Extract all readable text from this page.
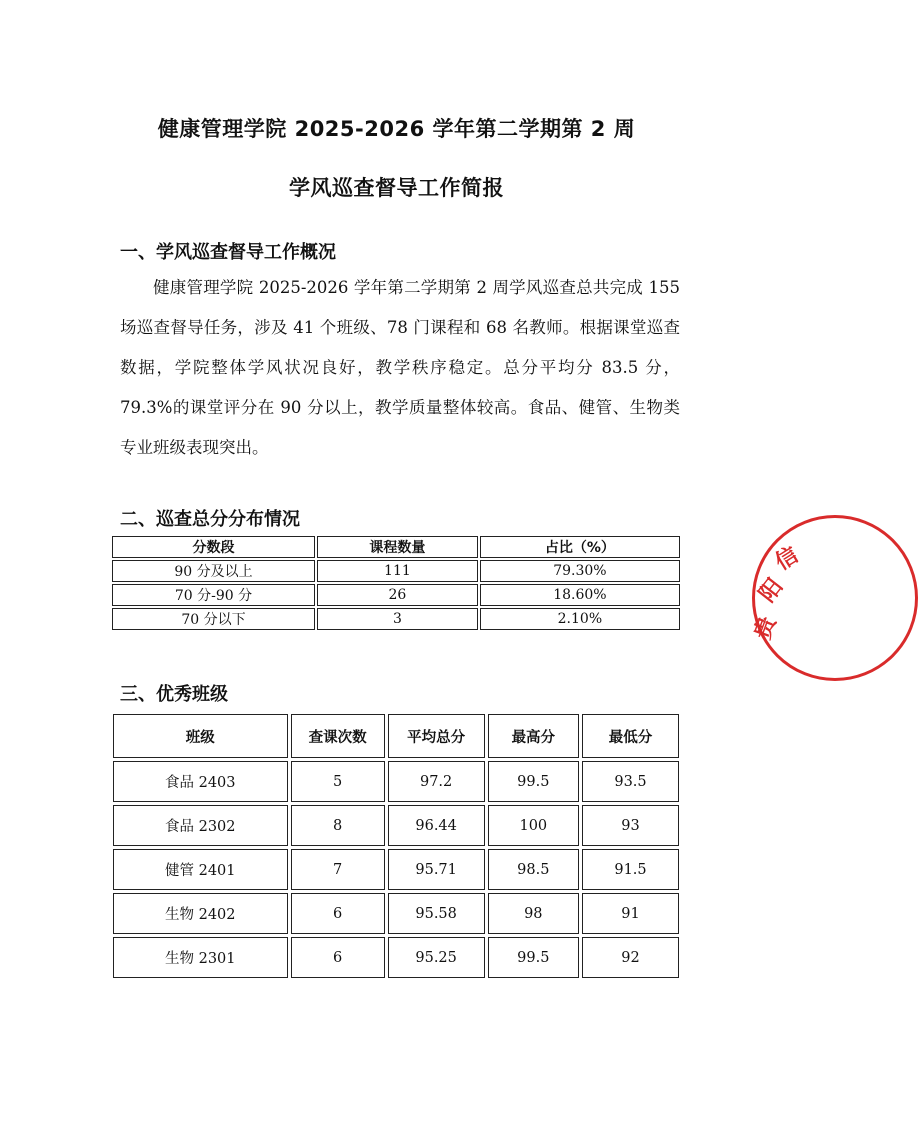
健康管理学院 2025-2026 学年第二学期第 2 周
学风巡查督导工作简报
一、学风巡查督导工作概况

健康管理学院 2025-2026 学年第二学期第 2 周学风巡查总共完成 155 场巡查督导任务，涉及 41 个班级、78 门课程和 68 名教师。根据课堂巡查数据，学院整体学风状况良好，教学秩序稳定。总分平均分 83.5 分，79.3%的课堂评分在 90 分以上，教学质量整体较高。食品、健管、生物类专业班级表现突出。

二、巡查总分分布情况
分数段	课程数量	占比（%）
90 分及以上	111	79.30%
70 分-90 分	26	18.60%
70 分以下	3	2.10%
三、优秀班级
班级	查课次数	平均总分	最高分	最低分
食品 2403	5	97.2	99.5	93.5
食品 2302	8	96.44	100	93
健管 2401	7	95.71	98.5	91.5
生物 2402	6	95.58	98	91
生物 2301	6	95.25	99.5	92
贵
阳
信
